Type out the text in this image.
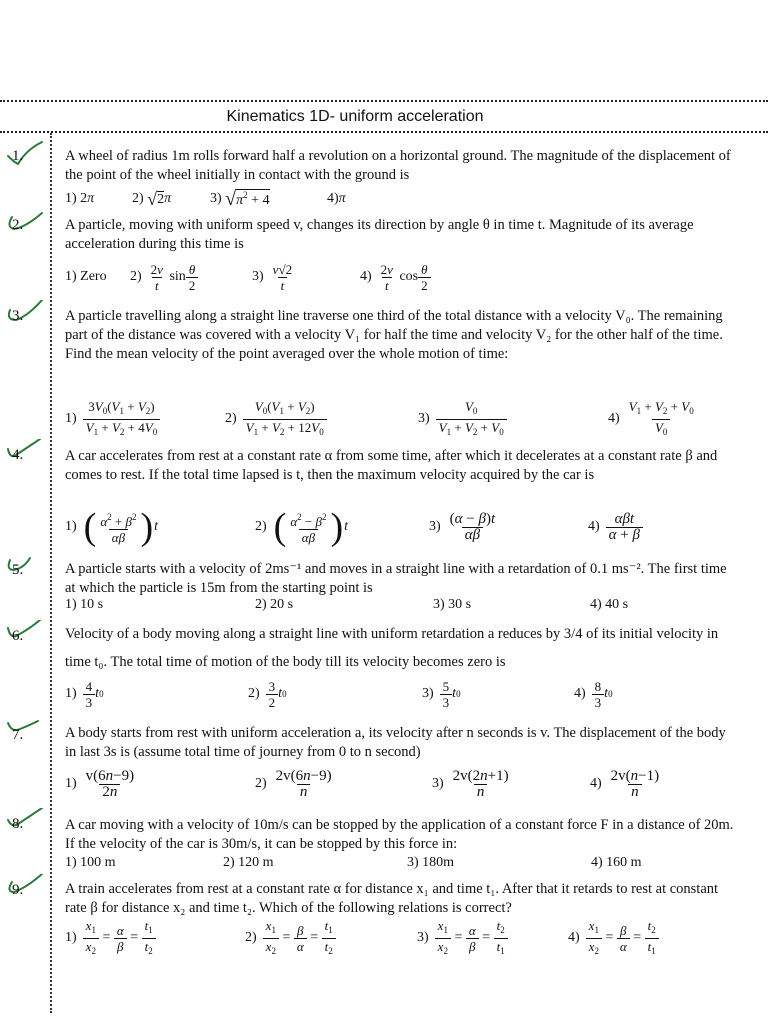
Kinematics 1D- uniform acceleration
1.	A wheel of radius 1m rolls forward half a revolution on a horizontal ground. The magnitude of the displacement of the point of the wheel initially in contact with the ground is
1) 2 π	2) √ 2 π	3) √ $\pi^2 + 4$	4) π
2.	A particle, moving with uniform speed v, changes its direction by angle θ in time t. Magnitude of its average acceleration during this time is
1) Zero $2) \frac{2v}{t}$ $\sin \frac{\theta}{2}$	$3) \frac{v√2}{t}$	$4) \frac{2v}{t}$ $\cos \frac{\theta}{2}$
3.	A particle travelling along a straight line traverse one third of the total distance with a velocity V₀. The remaining part of the distance was covered with a velocity V₁ for half the time and velocity V₂ for the other half of the time. Find the mean velocity of the point averaged over the whole motion of time:
$1) \frac{3V_0(V_1 + V_2)}{V_1 + V_2 + 4V_0}$	$2) \frac{V_0(V_1 + V_2)}{V_1 + V_2 + 12V_0}$	$3) \frac{V_0}{V_1 + V_2 + V_0}$	$4) \frac{V_1 + V_2 + V_0}{V_0}$
4.	A car accelerates from rest at a constant rate α from some time, after which it decelerates at a constant rate β and comes to rest. If the total time lapsed is t, then the maximum velocity acquired by the car is
1) ( $\frac{\alpha^2 + \beta^2}{\alpha\beta}$ ) t	2) ( $\frac{\alpha^2 - \beta^2}{\alpha\beta}$ ) t	$3) \frac{(\alpha - \beta)t}{\alpha\beta}$	$4) \frac{\text{αβt}}{\alpha + \beta}$
5.	A particle starts with a velocity of 2ms⁻¹ and moves in a straight line with a retardation of 0.1 ms⁻². The first time at which the particle is 15m from the starting point is
1) 10 s	2) 20 s	3) 30 s	4) 40 s
6.	Velocity of a body moving along a straight line with uniform retardation a reduces by 3/4 of its initial velocity in time t₀. The total time of motion of the body till its velocity becomes zero is
$1) \frac{4}{3}$ t 0	$2) \frac{3}{2}$ t 0	$3) \frac{5}{3}$ t 0	$4) \frac{8}{3}$ t 0
7.	A body starts from rest with uniform acceleration a, its velocity after n seconds is v. The displacement of the body in last 3s is (assume total time of journey from 0 to n second)
$1) \frac{v(6n-9)}{2n}$	$2) \frac{2v(6n-9)}{n}$	$3) \frac{2v(2n+1)}{n}$	$4) \frac{2v(n-1)}{n}$
8.	A car moving with a velocity of 10m/s can be stopped by the application of a constant force F in a distance of 20m. If the velocity of the car is 30m/s, it can be stopped by this force in:
1) 100 m	2) 120 m	3) 180m	4) 160 m
9.	A train accelerates from rest at a constant rate α for distance x₁ and time t₁. After that it retards to rest at constant rate β for distance x₂ and time t₂. Which of the following relations is correct?
$1) \frac{x_1}{x_2} = \frac{\alpha}{\beta} = \frac{t_1}{t_2}$	$2) \frac{x_1}{x_2} = \frac{\beta}{\alpha} = \frac{t_1}{t_2}$	$3) \frac{x_1}{x_2} = \frac{\alpha}{\beta} = \frac{t_2}{t_1}$	$4) \frac{x_1}{x_2} = \frac{\beta}{\alpha} = \frac{t_2}{t_1}$
